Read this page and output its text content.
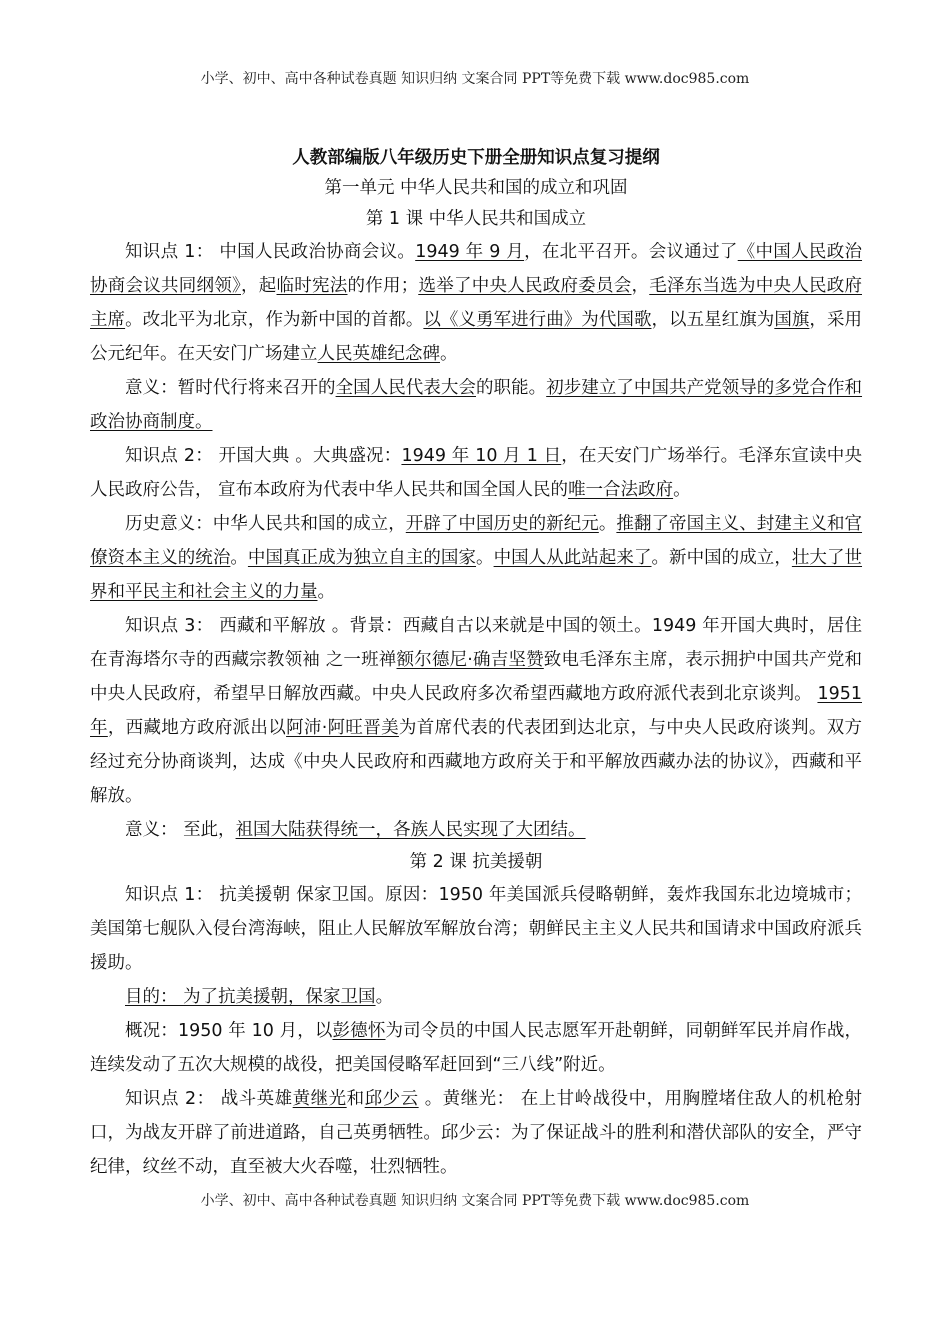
小学、初中、高中各种试卷真题 知识归纳 文案合同 PPT等免费下载 www.doc985.com
人教部编版八年级历史下册全册知识点复习提纲
第一单元 中华人民共和国的成立和巩固
第 1 课 中华人民共和国成立

知识点 1： 中国人民政治协商会议。1949 年 9 月，在北平召开。会议通过了《中国人民政治协商会议共同纲领》，起临时宪法的作用；选举了中央人民政府委员会，毛泽东当选为中央人民政府主席。改北平为北京，作为新中国的首都。以《义勇军进行曲》为代国歌，以五星红旗为国旗，采用公元纪年。在天安门广场建立人民英雄纪念碑。

意义：暂时代行将来召开的全国人民代表大会的职能。初步建立了中国共产党领导的多党合作和政治协商制度。

知识点 2： 开国大典 。大典盛况：1949 年 10 月 1 日，在天安门广场举行。毛泽东宣读中央人民政府公告， 宣布本政府为代表中华人民共和国全国人民的唯一合法政府。

历史意义：中华人民共和国的成立，开辟了中国历史的新纪元。推翻了帝国主义、封建主义和官僚资本主义的统治。中国真正成为独立自主的国家。中国人从此站起来了。新中国的成立，壮大了世界和平民主和社会主义的力量。

知识点 3： 西藏和平解放 。背景：西藏自古以来就是中国的领土。1949 年开国大典时，居住在青海塔尔寺的西藏宗教领袖 之一班禅额尔德尼·确吉坚赞致电毛泽东主席，表示拥护中国共产党和中央人民政府，希望早日解放西藏。中央人民政府多次希望西藏地方政府派代表到北京谈判。 1951 年，西藏地方政府派出以阿沛·阿旺晋美为首席代表的代表团到达北京，与中央人民政府谈判。双方经过充分协商谈判，达成《中央人民政府和西藏地方政府关于和平解放西藏办法的协议》，西藏和平解放。

意义： 至此，祖国大陆获得统一，各族人民实现了大团结。

第 2 课 抗美援朝

知识点 1： 抗美援朝 保家卫国。原因：1950 年美国派兵侵略朝鲜，轰炸我国东北边境城市；美国第七舰队入侵台湾海峡，阻止人民解放军解放台湾；朝鲜民主主义人民共和国请求中国政府派兵援助。

目的： 为了抗美援朝，保家卫国。

概况：1950 年 10 月，以彭德怀为司令员的中国人民志愿军开赴朝鲜，同朝鲜军民并肩作战，连续发动了五次大规模的战役，把美国侵略军赶回到“三八线”附近。

知识点 2： 战斗英雄黄继光和邱少云 。黄继光： 在上甘岭战役中，用胸膛堵住敌人的机枪射口，为战友开辟了前进道路，自己英勇牺牲。邱少云：为了保证战斗的胜利和潜伏部队的安全，严守纪律，纹丝不动，直至被大火吞噬，壮烈牺牲。

小学、初中、高中各种试卷真题 知识归纳 文案合同 PPT等免费下载 www.doc985.com
